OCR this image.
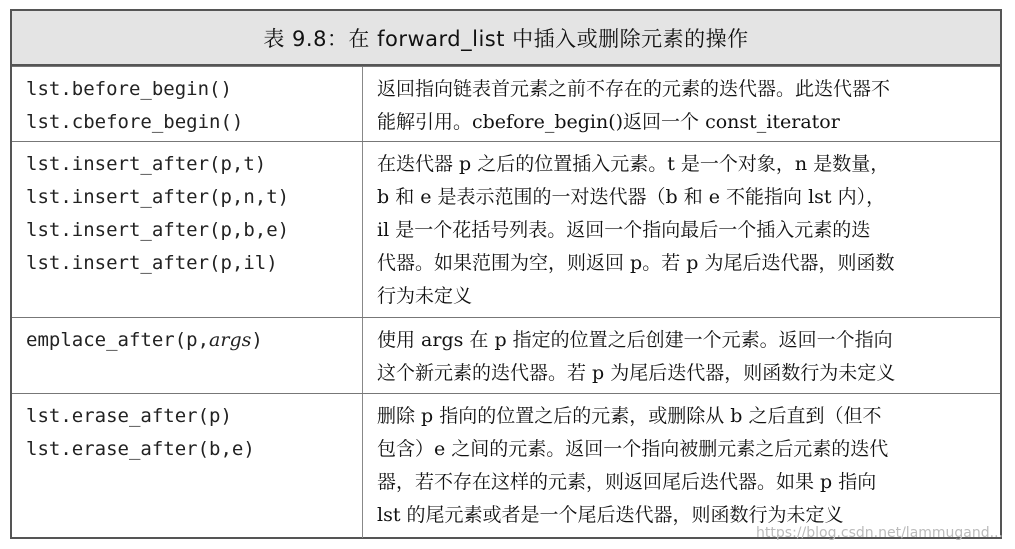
表 9.8：在 forward_list 中插入或删除元素的操作
lst.before_begin()
lst.cbefore_begin()
返回指向链表首元素之前不存在的元素的迭代器。此迭代器不
能解引用。cbefore_begin()返回一个 const_iterator
lst.insert_after(p,t)
lst.insert_after(p,n,t)
lst.insert_after(p,b,e)
lst.insert_after(p,il)
在迭代器 p 之后的位置插入元素。t 是一个对象，n 是数量，
b 和 e 是表示范围的一对迭代器（b 和 e 不能指向 lst 内），
il 是一个花括号列表。返回一个指向最后一个插入元素的迭
代器。如果范围为空，则返回 p。若 p 为尾后迭代器，则函数
行为未定义
emplace_after(p,args)	使用 args 在 p 指定的位置之后创建一个元素。返回一个指向
这个新元素的迭代器。若 p 为尾后迭代器，则函数行为未定义
lst.erase_after(p)
lst.erase_after(b,e)
删除 p 指向的位置之后的元素，或删除从 b 之后直到（但不
包含）e 之间的元素。返回一个指向被删元素之后元素的迭代
器，若不存在这样的元素，则返回尾后迭代器。如果 p 指向
lst 的尾元素或者是一个尾后迭代器，则函数行为未定义
https://blog.csdn.net/lammugand...
